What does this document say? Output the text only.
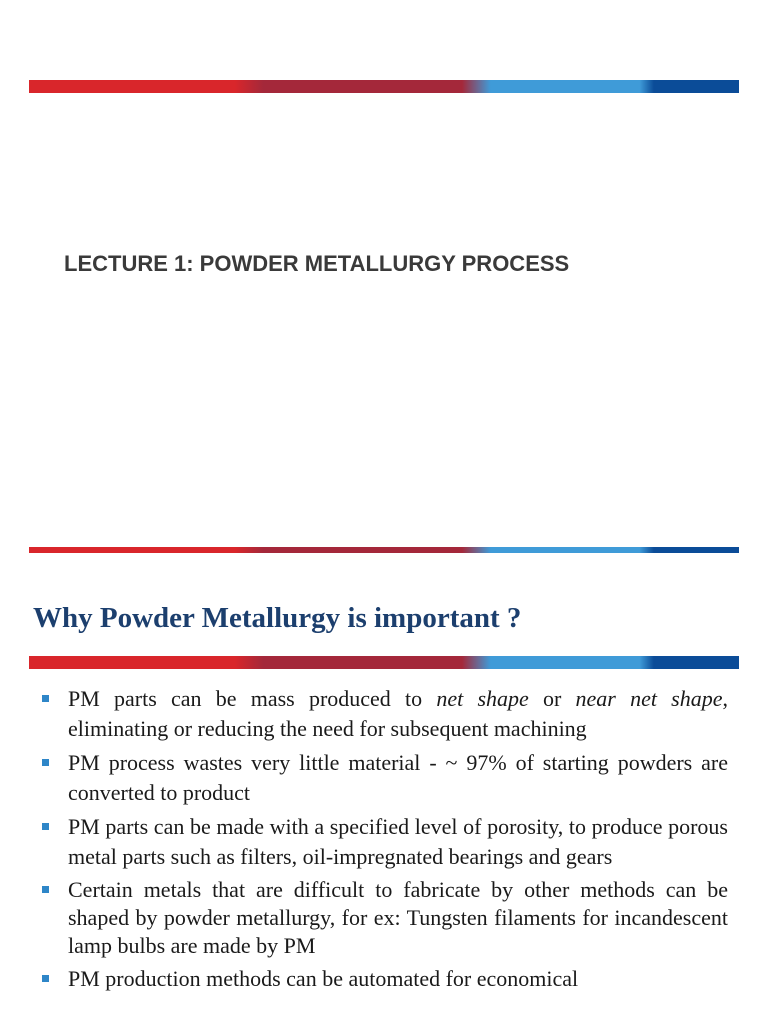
LECTURE 1: POWDER METALLURGY PROCESS
Why Powder Metallurgy is important ?
PM parts can be mass produced to net shape or near net shape, eliminating or reducing the need for subsequent machining
PM process wastes very little material - ~ 97% of starting powders are converted to product
PM parts can be made with a specified level of porosity, to produce porous metal parts such as filters, oil-impregnated bearings and gears
Certain metals that are difficult to fabricate by other methods can be shaped by powder metallurgy, for ex: Tungsten filaments for incandescent lamp bulbs are made by PM
PM production methods can be automated for economical
